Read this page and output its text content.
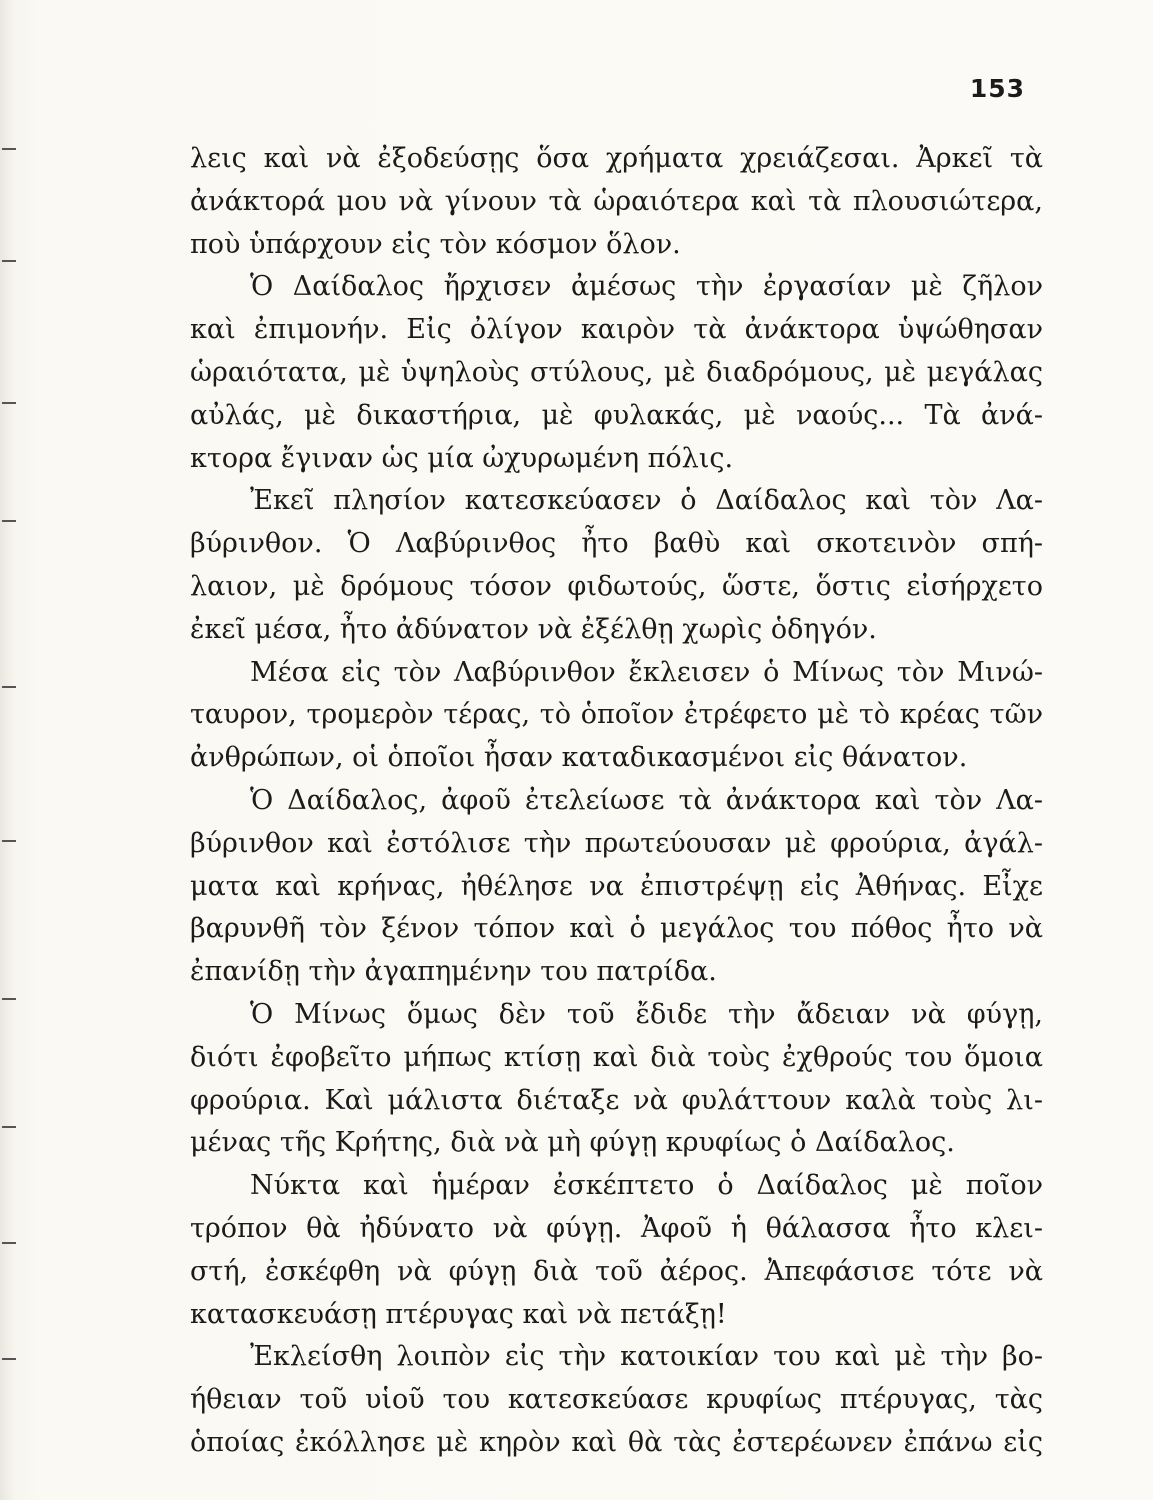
153
λεις καὶ νὰ ἐξοδεύσῃς ὅσα χρήματα χρειάζεσαι. Ἀρκεῖ τὰ
ἀνάκτορά μου νὰ γίνουν τὰ ὡραιότερα καὶ τὰ πλουσιώτερα,
ποὺ ὑπάρχουν εἰς τὸν κόσμον ὅλον.
Ὁ Δαίδαλος ἤρχισεν ἀμέσως τὴν ἐργασίαν μὲ ζῆλον
καὶ ἐπιμονήν. Εἰς ὀλίγον καιρὸν τὰ ἀνάκτορα ὑψώθησαν
ὡραιότατα, μὲ ὑψηλοὺς στύλους, μὲ διαδρόμους, μὲ μεγάλας
αὐλάς, μὲ δικαστήρια, μὲ φυλακάς, μὲ ναούς... Τὰ ἀνά-
κτορα ἔγιναν ὡς μία ὠχυρωμένη πόλις.
Ἐκεῖ πλησίον κατεσκεύασεν ὁ Δαίδαλος καὶ τὸν Λα-
βύρινθον. Ὁ Λαβύρινθος ἦτο βαθὺ καὶ σκοτεινὸν σπή-
λαιον, μὲ δρόμους τόσον φιδωτούς, ὥστε, ὅστις εἰσήρχετο
ἐκεῖ μέσα, ἦτο ἀδύνατον νὰ ἐξέλθῃ χωρὶς ὁδηγόν.
Μέσα εἰς τὸν Λαβύρινθον ἔκλεισεν ὁ Μίνως τὸν Μινώ-
ταυρον, τρομερὸν τέρας, τὸ ὁποῖον ἐτρέφετο μὲ τὸ κρέας τῶν
ἀνθρώπων, οἱ ὁποῖοι ἦσαν καταδικασμένοι εἰς θάνατον.
Ὁ Δαίδαλος, ἀφοῦ ἐτελείωσε τὰ ἀνάκτορα καὶ τὸν Λα-
βύρινθον καὶ ἐστόλισε τὴν πρωτεύουσαν μὲ φρούρια, ἀγάλ-
ματα καὶ κρήνας, ἠθέλησε να ἐπιστρέψῃ εἰς Ἀθήνας. Εἶχε
βαρυνθῆ τὸν ξένον τόπον καὶ ὁ μεγάλος του πόθος ἦτο νὰ
ἐπανίδῃ τὴν ἀγαπημένην του πατρίδα.
Ὁ Μίνως ὅμως δὲν τοῦ ἔδιδε τὴν ἄδειαν νὰ φύγῃ,
διότι ἐφοβεῖτο μήπως κτίσῃ καὶ διὰ τοὺς ἐχθρούς του ὅμοια
φρούρια. Καὶ μάλιστα διέταξε νὰ φυλάττουν καλὰ τοὺς λι-
μένας τῆς Κρήτης, διὰ νὰ μὴ φύγῃ κρυφίως ὁ Δαίδαλος.
Νύκτα καὶ ἡμέραν ἐσκέπτετο ὁ Δαίδαλος μὲ ποῖον
τρόπον θὰ ἠδύνατο νὰ φύγῃ. Ἀφοῦ ἡ θάλασσα ἦτο κλει-
στή, ἐσκέφθη νὰ φύγῃ διὰ τοῦ ἀέρος. Ἀπεφάσισε τότε νὰ
κατασκευάσῃ πτέρυγας καὶ νὰ πετάξῃ!
Ἐκλείσθη λοιπὸν εἰς τὴν κατοικίαν του καὶ μὲ τὴν βο-
ήθειαν τοῦ υἱοῦ του κατεσκεύασε κρυφίως πτέρυγας, τὰς
ὁποίας ἐκόλλησε μὲ κηρὸν καὶ θὰ τὰς ἐστερέωνεν ἐπάνω εἰς
